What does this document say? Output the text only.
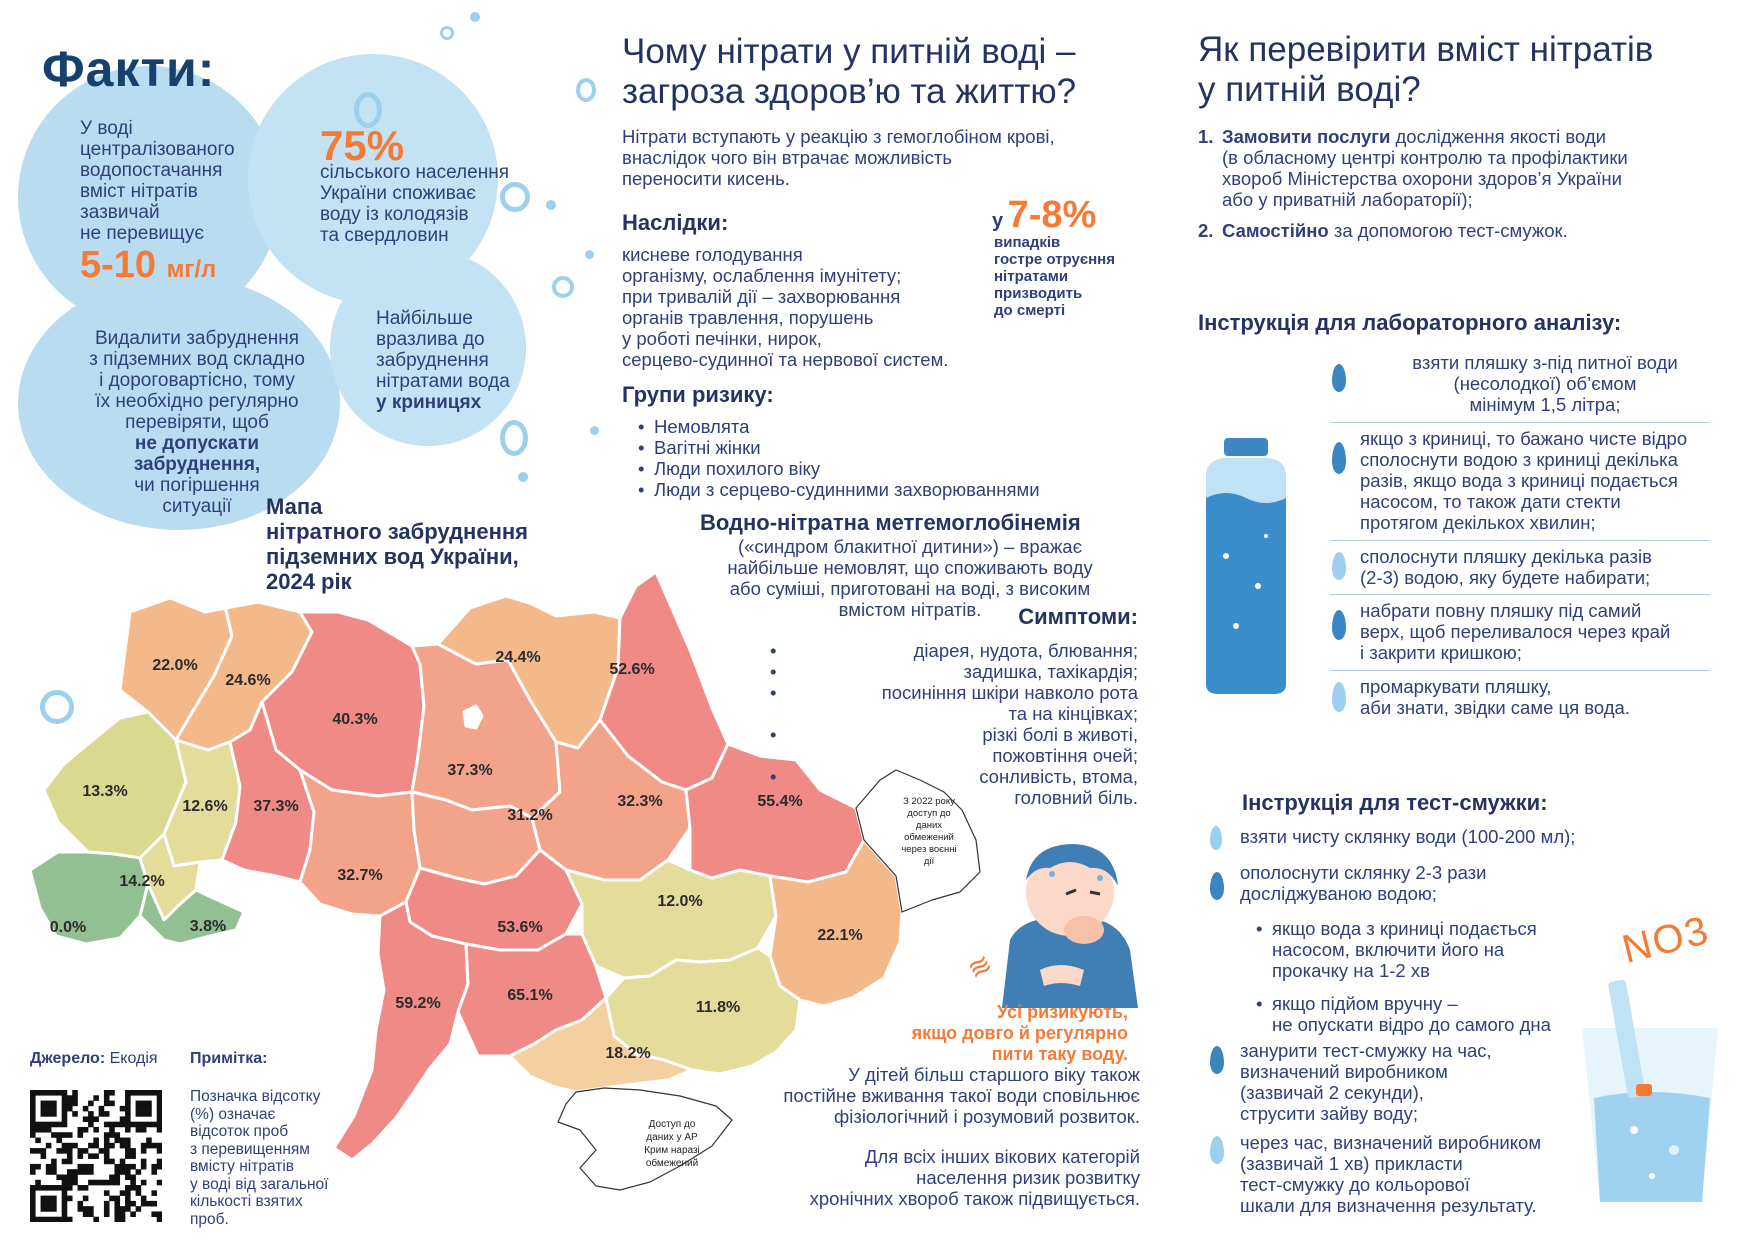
Факти:
У воді
централізованого
водопостачання
вміст нітратів
зазвичай
не перевищує
5-10 мг/л
75%
сільського населення
України споживає
воду із колодязів
та свердловин
Видалити забруднення
з підземних вод складно
і дороговартісно, тому
їх необхідно регулярно
перевіряти, щоб
не допускати
забруднення,
чи погіршення
ситуації
Найбільше
вразлива до
забруднення
нітратами вода
у криницях
Мапа
нітратного забруднення
підземних вод України,
2024 рік
22.0%
24.6%
40.3%
37.3%
24.4%
52.6%
13.3%
12.6% 37.3%
31.2%
32.3%	55.4%
14.2%
0.0%	3.8%
32.7%
53.6%
12.0%
22.1%
59.2%	65.1%
11.8%
18.2%
З 2022 року
доступ до
даних
обмежений
через воєнні
дії
Доступ до
даних у АР
Крим наразі
обмежений
Джерело: Екодія Примітка:
Позначка відсотку
(%) означає
відсоток проб
з перевищенням
вмісту нітратів
у воді від загальної
кількості взятих
проб.
Чому нітрати у питній воді –
загроза здоров’ю та життю?
Нітрати вступають у реакцію з гемоглобіном крові,
внаслідок чого він втрачає можливість
переносити кисень.
Наслідки:
кисневе голодування
організму, ослаблення імунітету;
при тривалій дії – захворювання
органів травлення, порушень
у роботі печінки, нирок,
серцево-судинної та нервової систем.
у 7-8%
випадків
гостре отруєння
нітратами
призводить
до смерті
Групи ризику:
• Немовлята
• Вагітні жінки
• Люди похилого віку
• Люди з серцево-судинними захворюваннями
Водно-нітратна метгемоглобінемія
(«синдром блакитної дитини») – вражає
найбільше немовлят, що споживають воду
або суміші, приготовані на воді, з високим
вмістом нітратів.	Симптоми:
• діарея, нудота, блювання;
• задишка, тахікардія;
• посиніння шкіри навколо рота
та на кінцівках;
• різкі болі в животі,
пожовтіння очей;
• сонливість, втома,
головний біль.
≋
Усі ризикують,
якщо довго й регулярно
пити таку воду.
У дітей більш старшого віку також
постійне вживання такої води сповільнює
фізіологічний і розумовий розвиток.
Для всіх інших вікових категорій
населення ризик розвитку
хронічних хвороб також підвищується.
Як перевірити вміст нітратів
у питній воді?
1. Замовити послуги дослідження якості води
(в обласному центрі контролю та профілактики
хвороб Міністерства охорони здоров’я України
або у приватній лабораторії);
2. Самостійно за допомогою тест-смужок.
Інструкція для лабораторного аналізу:
взяти пляшку з-під питної води
(несолодкої) об’ємом
мінімум 1,5 літра;
якщо з криниці, то бажано чисте відро
сполоснути водою з криниці декілька
разів, якщо вода з криниці подається
насосом, то також дати стекти
протягом декількох хвилин;
сполоснути пляшку декілька разів
(2-3) водою, яку будете набирати;
набрати повну пляшку під самий
верх, щоб переливалося через край
і закрити кришкою;
промаркувати пляшку,
аби знати, звідки саме ця вода.
Інструкція для тест-смужки:
взяти чисту склянку води (100-200 мл);
ополоснути склянку 2-3 рази
досліджуваною водою;
• якщо вода з криниці подається
насосом, включити його на
прокачку на 1-2 хв
• якщо підйом вручну –
не опускати відро до самого дна
занурити тест-смужку на час,
визначений виробником
(зазвичай 2 секунди),
струсити зайву воду;
через час, визначений виробником
(зазвичай 1 хв) прикласти
тест-смужку до кольорової
шкали для визначення результату.
NO3
